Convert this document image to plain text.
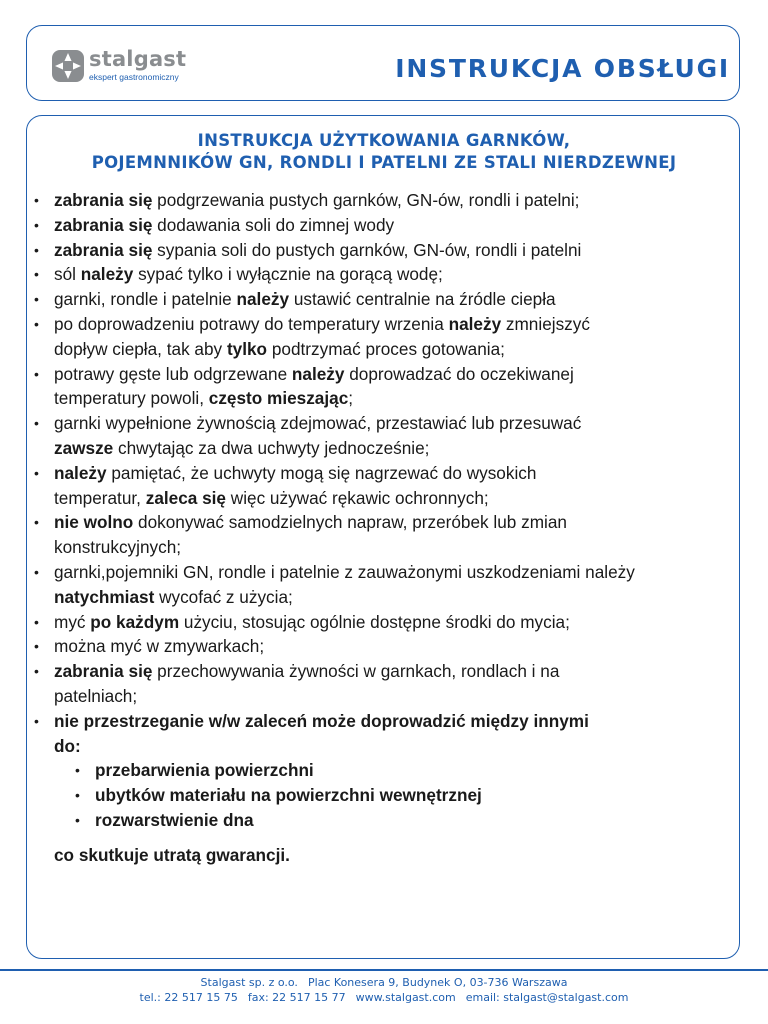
stalgast
ekspert gastronomiczny	INSTRUKCJA OBSŁUGI
INSTRUKCJA UŻYTKOWANIA GARNKÓW,
POJEMNNIKÓW GN, RONDLI I PATELNI ZE STALI NIERDZEWNEJ
• zabrania się podgrzewania pustych garnków, GN-ów, rondli i patelni;
• zabrania się dodawania soli do zimnej wody
• zabrania się sypania soli do pustych garnków, GN-ów, rondli i patelni
• sól należy sypać tylko i wyłącznie na gorącą wodę;
• garnki, rondle i patelnie należy ustawić centralnie na źródle ciepła
• po doprowadzeniu potrawy do temperatury wrzenia należy zmniejszyć
dopływ ciepła, tak aby tylko podtrzymać proces gotowania;
• potrawy gęste lub odgrzewane należy doprowadzać do oczekiwanej
temperatury powoli, często mieszając;
• garnki wypełnione żywnością zdejmować, przestawiać lub przesuwać
zawsze chwytając za dwa uchwyty jednocześnie;
• należy pamiętać, że uchwyty mogą się nagrzewać do wysokich
temperatur, zaleca się więc używać rękawic ochronnych;
• nie wolno dokonywać samodzielnych napraw, przeróbek lub zmian
konstrukcyjnych;
• garnki,pojemniki GN, rondle i patelnie z zauważonymi uszkodzeniami należy
natychmiast wycofać z użycia;
• myć po każdym użyciu, stosując ogólnie dostępne środki do mycia;
• można myć w zmywarkach;
• zabrania się przechowywania żywności w garnkach, rondlach i na
patelniach;
• nie przestrzeganie w/w zaleceń może doprowadzić między innymi
do:
• przebarwienia powierzchni
• ubytków materiału na powierzchni wewnętrznej
• rozwarstwienie dna
co skutkuje utratą gwarancji.
Stalgast sp. z o.o. Plac Konesera 9, Budynek O, 03-736 Warszawa
tel.: 22 517 15 75 fax: 22 517 15 77 www.stalgast.com email: stalgast@stalgast.com
